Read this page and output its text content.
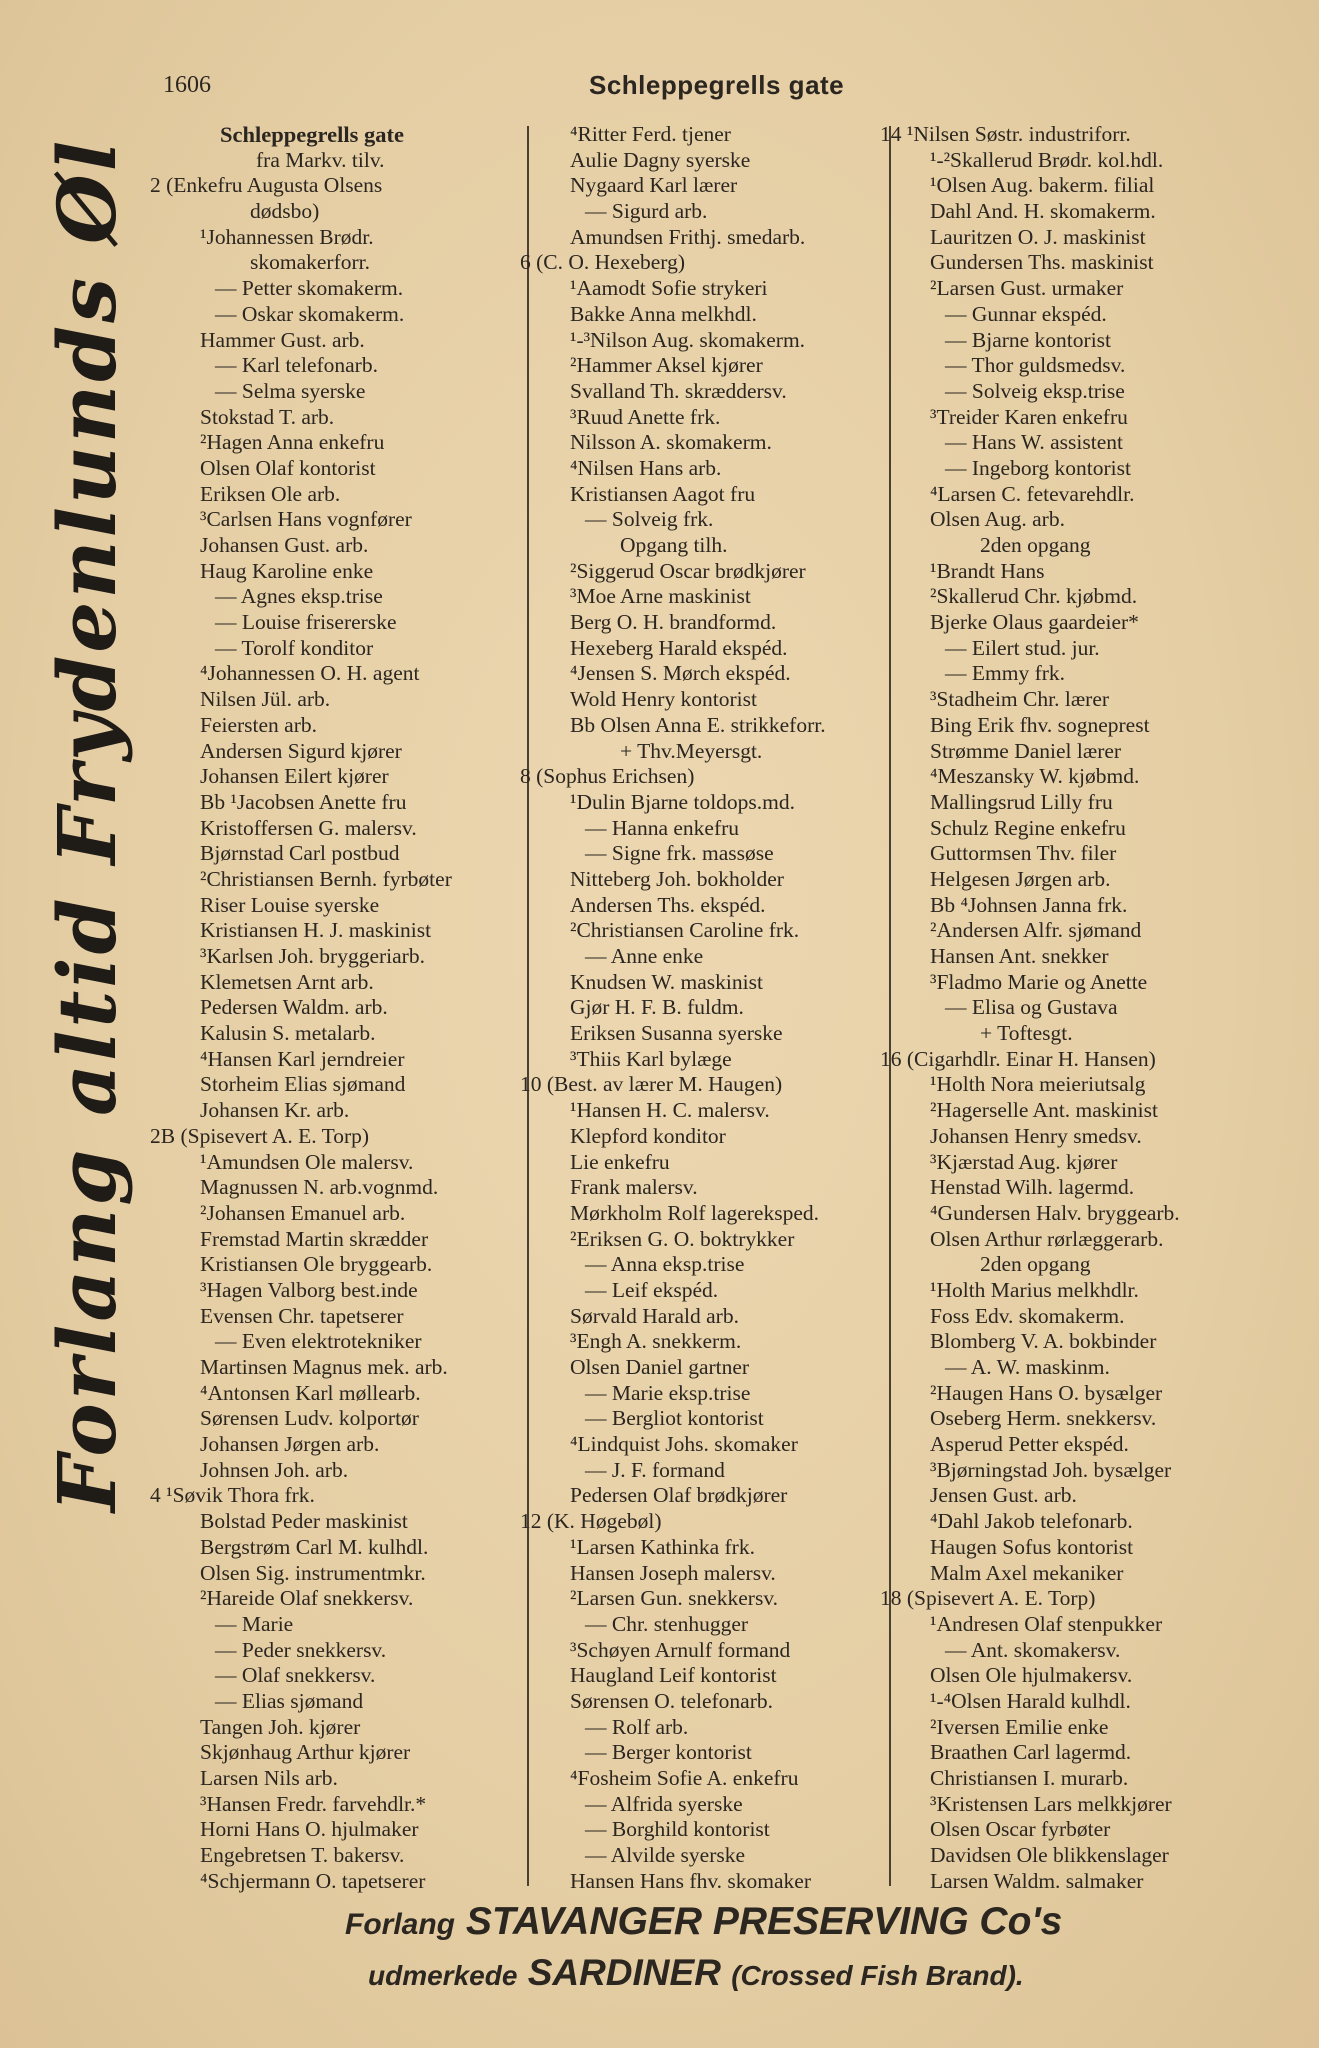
1606	Schleppegrells gate
Forlang altid Frydenlunds Øl
Schleppegrells gate
fra Markv. tilv.
2 (Enkefru Augusta Olsens
dødsbo)
¹Johannessen Brødr.
skomakerforr.
— Petter skomakerm.
— Oskar skomakerm.
Hammer Gust. arb.
— Karl telefonarb.
— Selma syerske
Stokstad T. arb.
²Hagen Anna enkefru
Olsen Olaf kontorist
Eriksen Ole arb.
³Carlsen Hans vognfører
Johansen Gust. arb.
Haug Karoline enke
— Agnes eksp.trise
— Louise frisererske
— Torolf konditor
⁴Johannessen O. H. agent
Nilsen Jül. arb.
Feiersten arb.
Andersen Sigurd kjører
Johansen Eilert kjører
Bb ¹Jacobsen Anette fru
Kristoffersen G. malersv.
Bjørnstad Carl postbud
²Christiansen Bernh. fyrbøter
Riser Louise syerske
Kristiansen H. J. maskinist
³Karlsen Joh. bryggeriarb.
Klemetsen Arnt arb.
Pedersen Waldm. arb.
Kalusin S. metalarb.
⁴Hansen Karl jerndreier
Storheim Elias sjømand
Johansen Kr. arb.
2B (Spisevert A. E. Torp)
¹Amundsen Ole malersv.
Magnussen N. arb.vognmd.
²Johansen Emanuel arb.
Fremstad Martin skrædder
Kristiansen Ole bryggearb.
³Hagen Valborg best.inde
Evensen Chr. tapetserer
— Even elektrotekniker
Martinsen Magnus mek. arb.
⁴Antonsen Karl møllearb.
Sørensen Ludv. kolportør
Johansen Jørgen arb.
Johnsen Joh. arb.
4 ¹Søvik Thora frk.
Bolstad Peder maskinist
Bergstrøm Carl M. kulhdl.
Olsen Sig. instrumentmkr.
²Hareide Olaf snekkersv.
— Marie
— Peder snekkersv.
— Olaf snekkersv.
— Elias sjømand
Tangen Joh. kjører
Skjønhaug Arthur kjører
Larsen Nils arb.
³Hansen Fredr. farvehdlr.*
Horni Hans O. hjulmaker
Engebretsen T. bakersv.
⁴Schjermann O. tapetserer
⁴Ritter Ferd. tjener
Aulie Dagny syerske
Nygaard Karl lærer
— Sigurd arb.
Amundsen Frithj. smedarb.
6 (C. O. Hexeberg)
¹Aamodt Sofie strykeri
Bakke Anna melkhdl.
¹-³Nilson Aug. skomakerm.
²Hammer Aksel kjører
Svalland Th. skræddersv.
³Ruud Anette frk.
Nilsson A. skomakerm.
⁴Nilsen Hans arb.
Kristiansen Aagot fru
— Solveig frk.
Opgang tilh.
²Siggerud Oscar brødkjører
³Moe Arne maskinist
Berg O. H. brandformd.
Hexeberg Harald ekspéd.
⁴Jensen S. Mørch ekspéd.
Wold Henry kontorist
Bb Olsen Anna E. strikkeforr.
+ Thv.Meyersgt.
8 (Sophus Erichsen)
¹Dulin Bjarne toldops.md.
— Hanna enkefru
— Signe frk. massøse
Nitteberg Joh. bokholder
Andersen Ths. ekspéd.
²Christiansen Caroline frk.
— Anne enke
Knudsen W. maskinist
Gjør H. F. B. fuldm.
Eriksen Susanna syerske
³Thiis Karl bylæge
10 (Best. av lærer M. Haugen)
¹Hansen H. C. malersv.
Klepford konditor
Lie enkefru
Frank malersv.
Mørkholm Rolf lagereksped.
²Eriksen G. O. boktrykker
— Anna eksp.trise
— Leif ekspéd.
Sørvald Harald arb.
³Engh A. snekkerm.
Olsen Daniel gartner
— Marie eksp.trise
— Bergliot kontorist
⁴Lindquist Johs. skomaker
— J. F. formand
Pedersen Olaf brødkjører
12 (K. Høgebøl)
¹Larsen Kathinka frk.
Hansen Joseph malersv.
²Larsen Gun. snekkersv.
— Chr. stenhugger
³Schøyen Arnulf formand
Haugland Leif kontorist
Sørensen O. telefonarb.
— Rolf arb.
— Berger kontorist
⁴Fosheim Sofie A. enkefru
— Alfrida syerske
— Borghild kontorist
— Alvilde syerske
Hansen Hans fhv. skomaker
14 ¹Nilsen Søstr. industriforr.
¹-²Skallerud Brødr. kol.hdl.
¹Olsen Aug. bakerm. filial
Dahl And. H. skomakerm.
Lauritzen O. J. maskinist
Gundersen Ths. maskinist
²Larsen Gust. urmaker
— Gunnar ekspéd.
— Bjarne kontorist
— Thor guldsmedsv.
— Solveig eksp.trise
³Treider Karen enkefru
— Hans W. assistent
— Ingeborg kontorist
⁴Larsen C. fetevarehdlr.
Olsen Aug. arb.
2den opgang
¹Brandt Hans
²Skallerud Chr. kjøbmd.
Bjerke Olaus gaardeier*
— Eilert stud. jur.
— Emmy frk.
³Stadheim Chr. lærer
Bing Erik fhv. sogneprest
Strømme Daniel lærer
⁴Meszansky W. kjøbmd.
Mallingsrud Lilly fru
Schulz Regine enkefru
Guttormsen Thv. filer
Helgesen Jørgen arb.
Bb ⁴Johnsen Janna frk.
²Andersen Alfr. sjømand
Hansen Ant. snekker
³Fladmo Marie og Anette
— Elisa og Gustava
+ Toftesgt.
16 (Cigarhdlr. Einar H. Hansen)
¹Holth Nora meieriutsalg
²Hagerselle Ant. maskinist
Johansen Henry smedsv.
³Kjærstad Aug. kjører
Henstad Wilh. lagermd.
⁴Gundersen Halv. bryggearb.
Olsen Arthur rørlæggerarb.
2den opgang
¹Holth Marius melkhdlr.
Foss Edv. skomakerm.
Blomberg V. A. bokbinder
— A. W. maskinm.
²Haugen Hans O. bysælger
Oseberg Herm. snekkersv.
Asperud Petter ekspéd.
³Bjørningstad Joh. bysælger
Jensen Gust. arb.
⁴Dahl Jakob telefonarb.
Haugen Sofus kontorist
Malm Axel mekaniker
18 (Spisevert A. E. Torp)
¹Andresen Olaf stenpukker
— Ant. skomakersv.
Olsen Ole hjulmakersv.
¹-⁴Olsen Harald kulhdl.
²Iversen Emilie enke
Braathen Carl lagermd.
Christiansen I. murarb.
³Kristensen Lars melkkjører
Olsen Oscar fyrbøter
Davidsen Ole blikkenslager
Larsen Waldm. salmaker
Forlang STAVANGER PRESERVING Co's
udmerkede SARDINER (Crossed Fish Brand).
